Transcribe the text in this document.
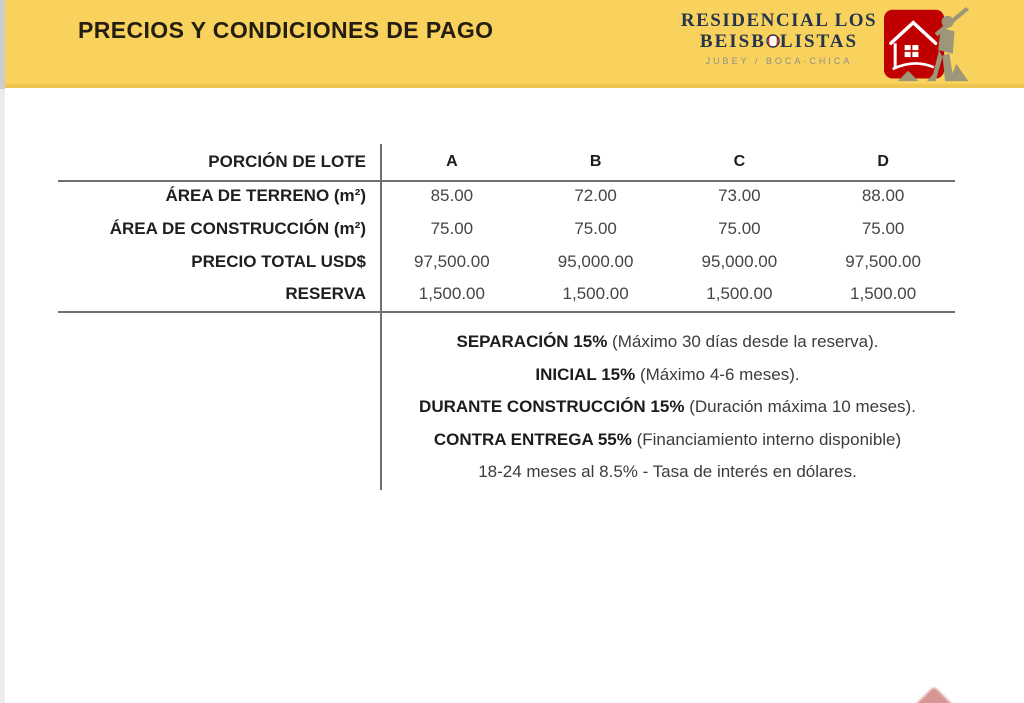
PRECIOS Y CONDICIONES DE PAGO	RESIDENCIAL LOS
BEISB LISTAS
JUBEY / BOCA·CHICA
PORCIÓN DE LOTE	A	B	C	D
ÁREA DE TERRENO (m²)	85.00	72.00	73.00	88.00
ÁREA DE CONSTRUCCIÓN (m²)	75.00	75.00	75.00	75.00
PRECIO TOTAL USD$	97,500.00	95,000.00	95,000.00	97,500.00
RESERVA	1,500.00	1,500.00	1,500.00	1,500.00
SEPARACIÓN 15% (Máximo 30 días desde la reserva).
INICIAL 15% (Máximo 4-6 meses).
DURANTE CONSTRUCCIÓN 15% (Duración máxima 10 meses).
CONTRA ENTREGA 55% (Financiamiento interno disponible)
18-24 meses al 8.5% - Tasa de interés en dólares.
